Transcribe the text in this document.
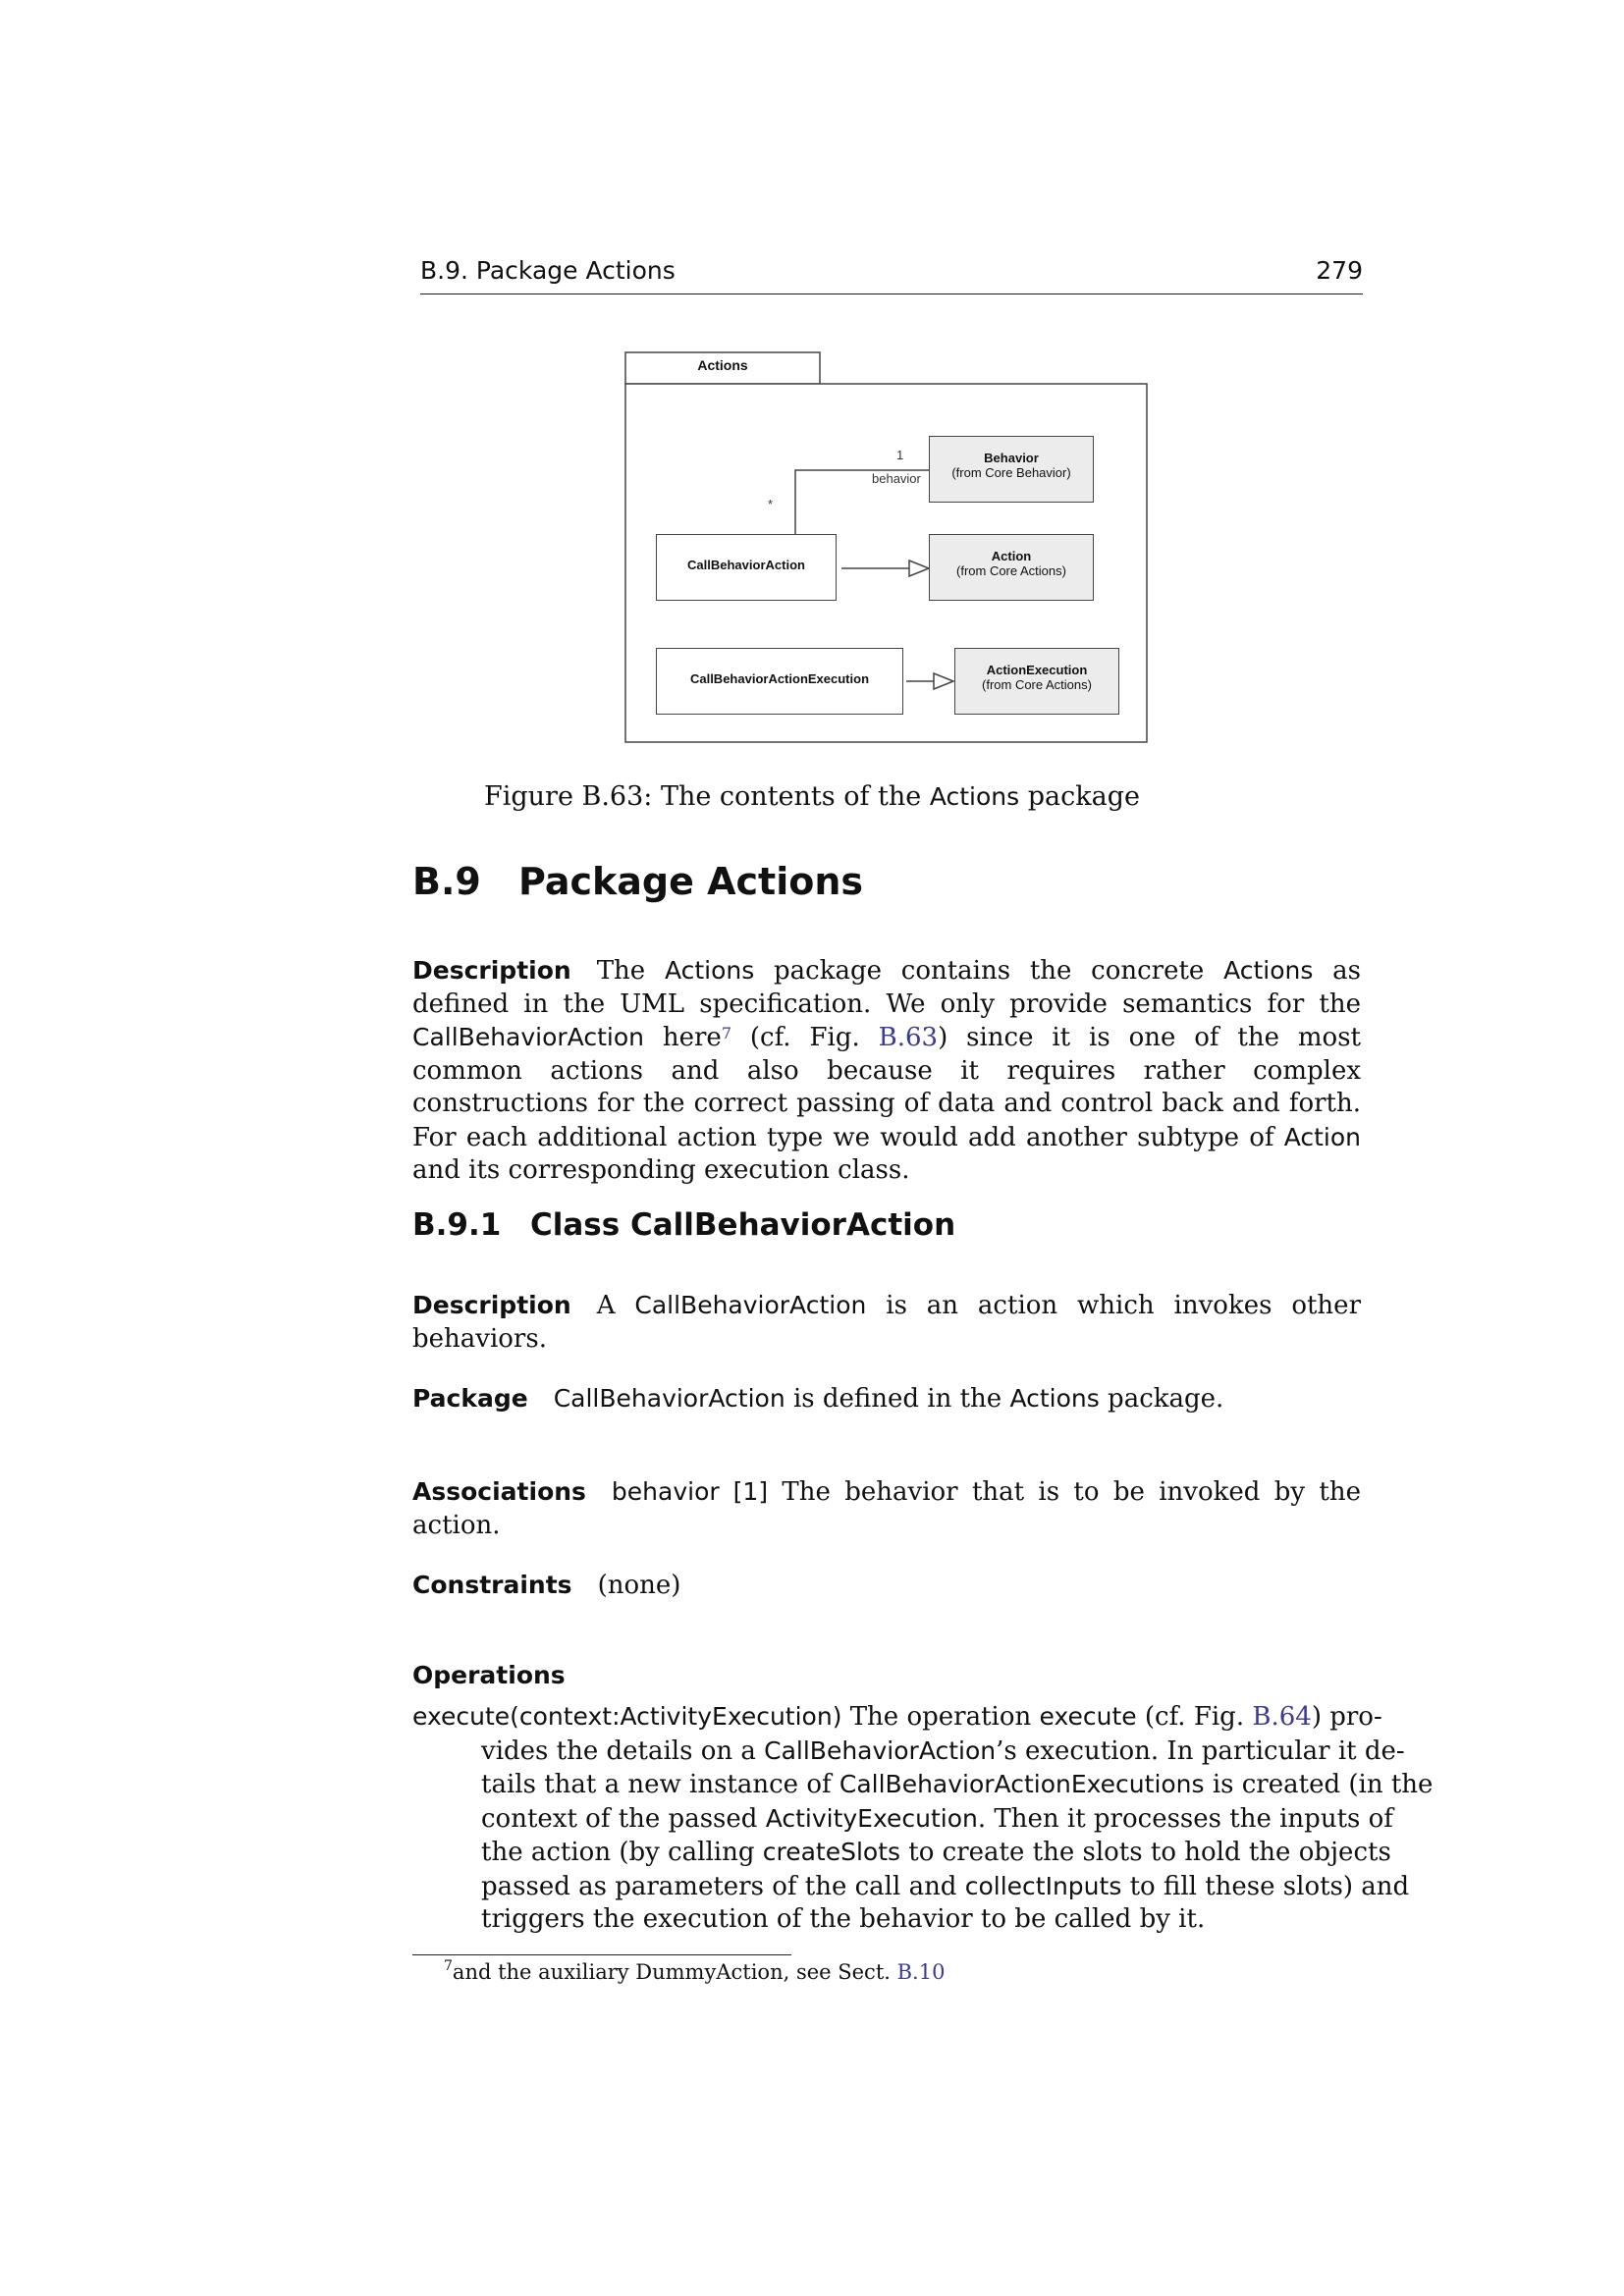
B.9. Package Actions	279
Actions
Behavior
(from Core Behavior)
Action
(from Core Actions)
ActionExecution
(from Core Actions)
CallBehaviorAction
CallBehaviorActionExecution
1
behavior
*
Figure B.63: The contents of the Actions package
B.9 Package Actions
Description The Actions package contains the concrete Actions as defined in the UML specification. We only provide semantics for the CallBehaviorAction here$^7$ (cf. Fig. B.63) since it is one of the most common actions and also because it requires rather complex constructions for the correct passing of data and control back and forth. For each additional action type we would add another subtype of Action and its corresponding execution class.
B.9.1 Class CallBehaviorAction
Description A CallBehaviorAction is an action which invokes other behaviors.
Package CallBehaviorAction is defined in the Actions package.
Associations behavior [1] The behavior that is to be invoked by the action.
Constraints (none)
Operations
execute(context:ActivityExecution) The operation execute (cf. Fig. B.64) pro-
vides the details on a CallBehaviorAction’s execution. In particular it de-
tails that a new instance of CallBehaviorActionExecutions is created (in the
context of the passed ActivityExecution. Then it processes the inputs of
the action (by calling createSlots to create the slots to hold the objects
passed as parameters of the call and collectInputs to fill these slots) and
triggers the execution of the behavior to be called by it.
$^7$and the auxiliary DummyAction, see Sect. B.10
